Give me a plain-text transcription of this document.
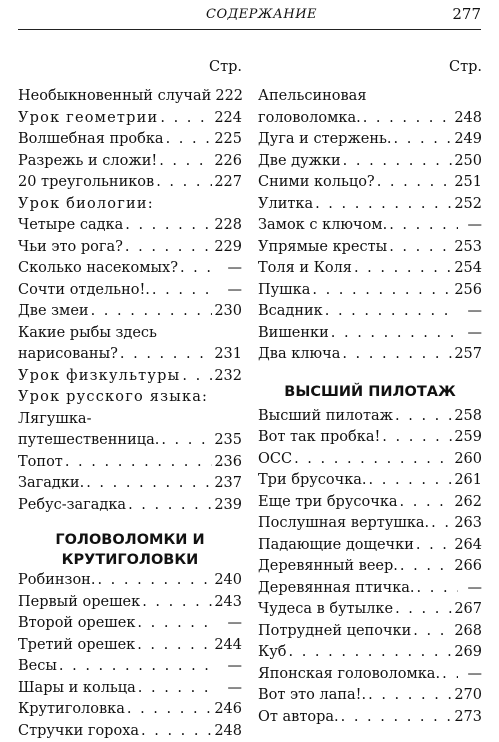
СОДЕРЖАНИЕ	277
Стр.
Необыкновенный случай 222
Урок геометрии . . .	224
Волшебная пробка . . .	225
Разрежь и сложи! . . .	226
20 треугольников . . .	227
Урок биологии:
Четыре садка . . .	228
Чьи это рога? . . .	229
Сколько насекомых? . . .	—
Сочти отдельно!. . . .	—
Две змеи . . .	230
Какие рыбы здесь
нарисованы? . . .	231
Урок физкультуры . . . 232
Урок русского языка:
Лягушка-
путешественница. . . .	235
Топот . . .	236
Загадки. . . .	237
Ребус-загадка . . .	239
ГОЛОВОЛОМКИ И
КРУТИГОЛОВКИ
Робинзон. . . .	240
Первый орешек . . .	243
Второй орешек . . .	—
Третий орешек . . .	244
Весы . . .	—
Шары и кольца . . .	—
Крутиголовка . . .	246
Стручки гороха . . .	248
Стр.
Апельсиновая
головоломка. . . .	248
Дуга и стержень. . . .	249
Две дужки . . .	250
Сними кольцо? . . .	251
Улитка . . .	252
Замок с ключом. . . .	—
Упрямые кресты . . .	253
Толя и Коля . . .	254
Пушка . . .	256
Всадник . . .	—
Вишенки . . .	—
Два ключа . . .	257
ВЫСШИЙ ПИЛОТАЖ
Высший пилотаж . . .	258
Вот так пробка! . . .	259
ОСС . . .	260
Три брусочка. . . .	261
Еще три брусочка . . .	262
Послушная вертушка. . . . 263
Падающие дощечки . . .	264
Деревянный веер. . . .	266
Деревянная птичка. . . .	—
Чудеса в бутылке . . .	267
Потрудней цепочки . . .	268
Куб . . .	269
Японская головоломка. . . .	—
Вот это лапа!. . . .	270
От автора. . . .	273
